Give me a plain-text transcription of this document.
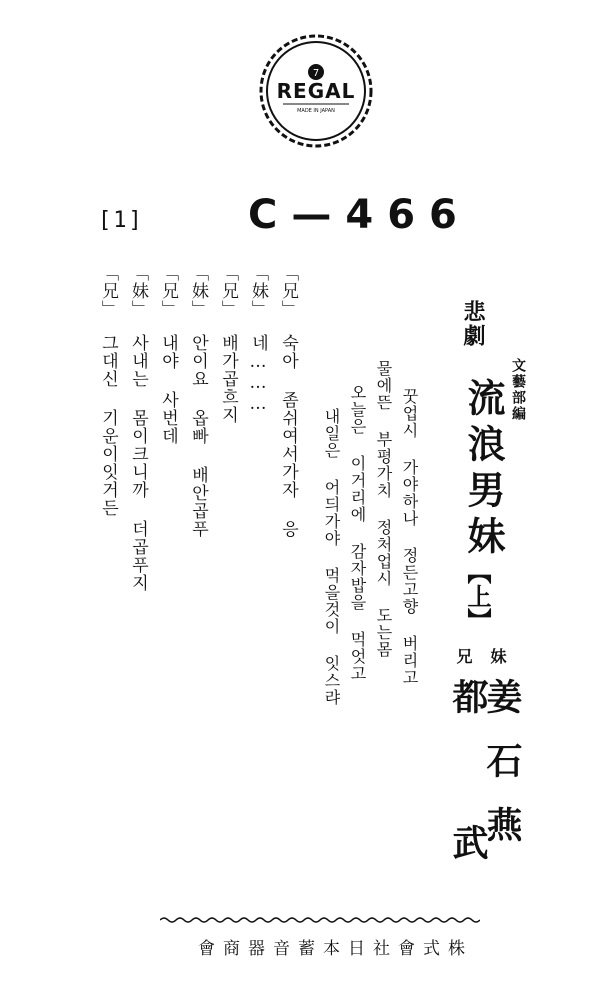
7
REGAL
MADE IN JAPAN
[1]	C—466
悲劇
文藝部編
流浪男妹
【上】
妹
兄
姜石燕
都武
꿋업시 가야하나 정든고향 버리고
물에뜬 부평가치 정처업시 도는몸
오늘은 이거리에 감자밥을 먹엇고
내일은 어듸가야 먹을것이 잇스랴
「兄」
숙아 좀쉬여서가자 응
「妹」
네………
「兄」
배가곱흐지
「妹」
안이요 옵빠 배안곱푸
「兄」
내야 사번데
「妹」
사내는 몸이크니까 더곱푸지
「兄」
그대신 기운이잇거든
株式會社日本蓄音器商會
